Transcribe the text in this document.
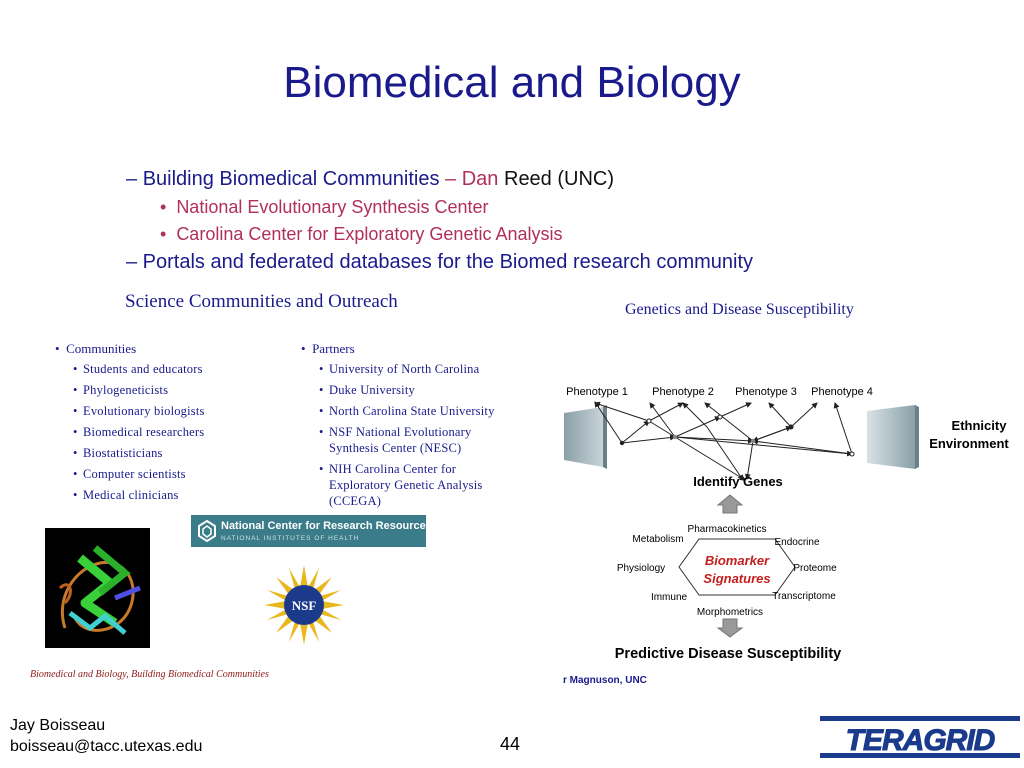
Biomedical and Biology
– Building Biomedical Communities – Dan Reed (UNC)
•  National Evolutionary Synthesis Center
•  Carolina Center for Exploratory Genetic Analysis
– Portals and federated databases for the Biomed research community
Science Communities and Outreach
•  Communities
• Students and educators
• Phylogeneticists
• Evolutionary biologists
• Biomedical researchers
• Biostatisticians
• Computer scientists
• Medical clinicians
•  Partners
• University of North Carolina
• Duke University
• North Carolina State University
• NSF National Evolutionary Synthesis Center (NESC)
• NIH Carolina Center for Exploratory Genetic Analysis (CCEGA)
National Center for Research Resources
NATIONAL INSTITUTES OF HEALTH
NSF
Biomedical and Biology, Building Biomedical Communities
Genetics and Disease Susceptibility
Phenotype 1 Phenotype 2 Phenotype 3 Phenotype 4
Ethnicity
Environment
Identify Genes
Biomarker
Signatures
Pharmacokinetics
Metabolism	Endocrine
Physiology	Proteome
Immune	Transcriptome
Morphometrics
Predictive Disease Susceptibility
r Magnuson, UNC
Jay Boisseau
boisseau@tacc.utexas.edu	44	TERAGRID
